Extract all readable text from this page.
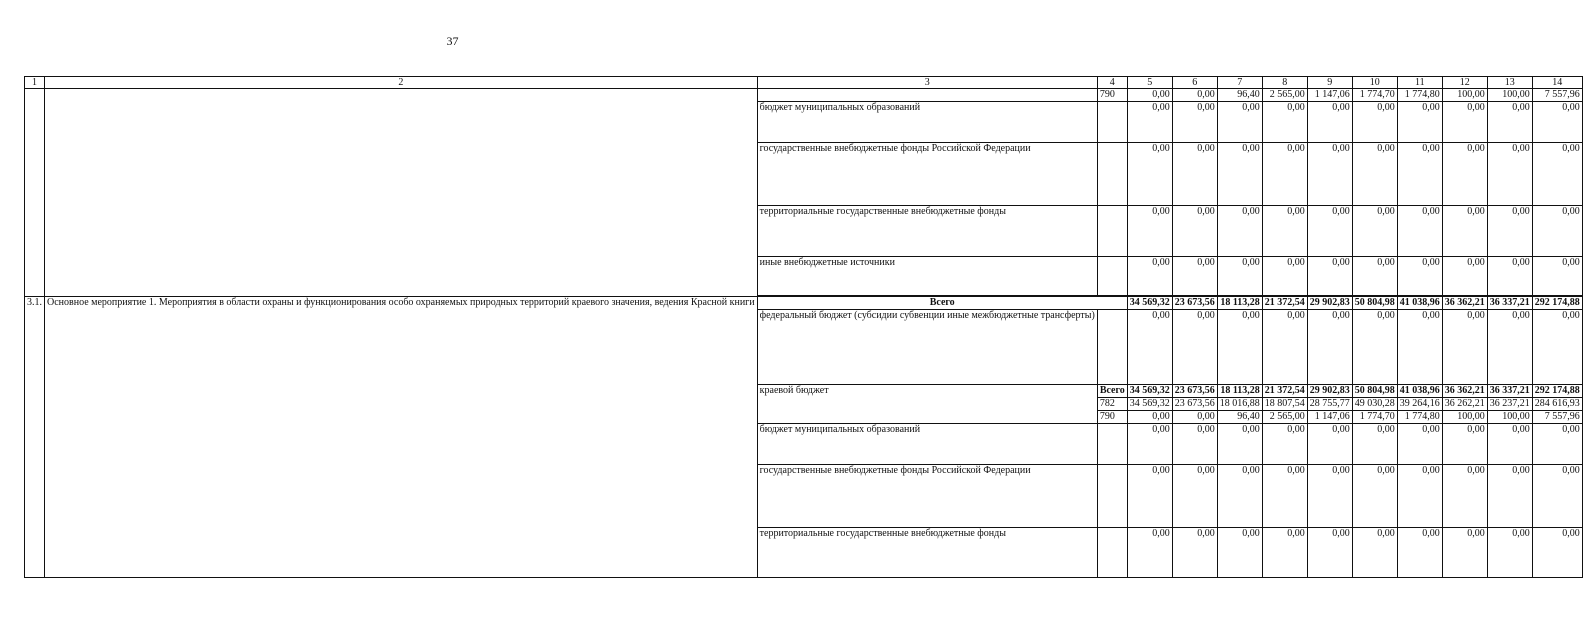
37
1	2	3	4	5	6	7	8	9	10	11	12	13	14
			790	0,00	0,00	96,40	2 565,00	1 147,06	1 774,70	1 774,80	100,00	100,00	7 557,96
		бюджет муниципальных образований		0,00	0,00	0,00	0,00	0,00	0,00	0,00	0,00	0,00	0,00
		государственные внебюджетные фонды Российской Федерации		0,00	0,00	0,00	0,00	0,00	0,00	0,00	0,00	0,00	0,00
		территориальные государственные внебюджетные фонды		0,00	0,00	0,00	0,00	0,00	0,00	0,00	0,00	0,00	0,00
		иные внебюджетные источники		0,00	0,00	0,00	0,00	0,00	0,00	0,00	0,00	0,00	0,00

3.1.	Основное мероприятие 1. Мероприятия в области охраны и функционирования особо охраняемых природных территорий краевого значения, ведения Красной книги	Всего		34 569,32	23 673,56	18 113,28	21 372,54	29 902,83	50 804,98	41 038,96	36 362,21	36 337,21	292 174,88
		федеральный бюджет (субсидии субвенции иные межбюджетные трансферты)		0,00	0,00	0,00	0,00	0,00	0,00	0,00	0,00	0,00	0,00
		краевой бюджет	Всего	34 569,32	23 673,56	18 113,28	21 372,54	29 902,83	50 804,98	41 038,96	36 362,21	36 337,21	292 174,88
			782	34 569,32	23 673,56	18 016,88	18 807,54	28 755,77	49 030,28	39 264,16	36 262,21	36 237,21	284 616,93
			790	0,00	0,00	96,40	2 565,00	1 147,06	1 774,70	1 774,80	100,00	100,00	7 557,96
		бюджет муниципальных образований		0,00	0,00	0,00	0,00	0,00	0,00	0,00	0,00	0,00	0,00
		государственные внебюджетные фонды Российской Федерации		0,00	0,00	0,00	0,00	0,00	0,00	0,00	0,00	0,00	0,00
		территориальные государственные внебюджетные фонды		0,00	0,00	0,00	0,00	0,00	0,00	0,00	0,00	0,00	0,00
